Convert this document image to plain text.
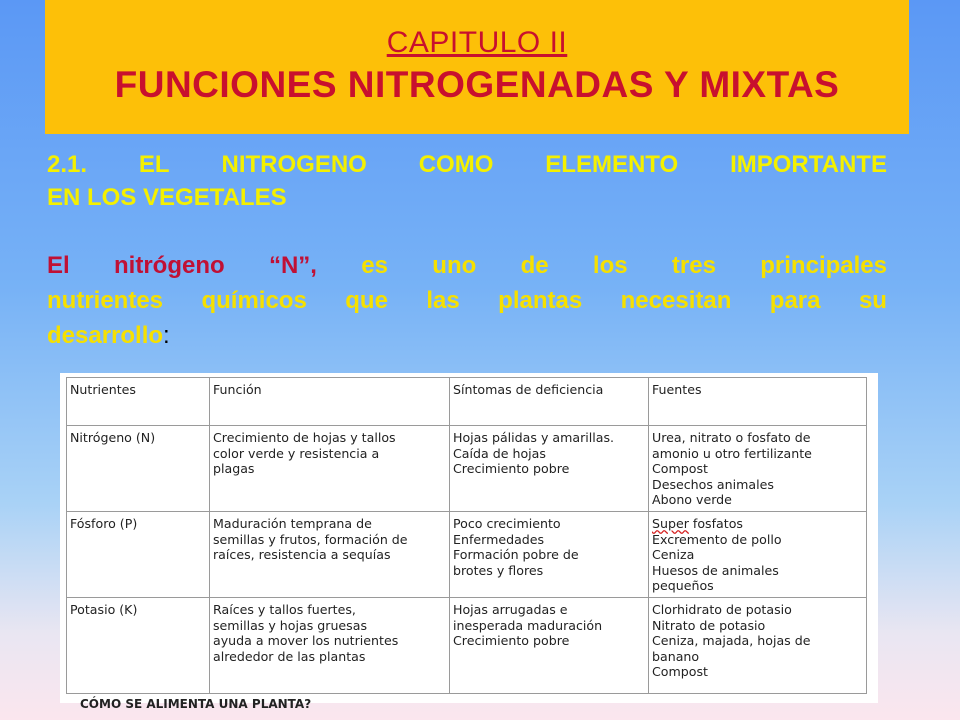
CAPITULO II
FUNCIONES NITROGENADAS Y MIXTAS
2.1. EL NITROGENO COMO ELEMENTO IMPORTANTE
EN LOS VEGETALES
El nitrógeno “N”, es uno de los tres principales
nutrientes químicos que las plantas necesitan para su
desarrollo:
Nutrientes	Función	Síntomas de deficiencia	Fuentes
Nitrógeno (N)	Crecimiento de hojas y tallos
color verde y resistencia a
plagas	Hojas pálidas y amarillas.
Caída de hojas
Crecimiento pobre	Urea, nitrato o fosfato de
amonio u otro fertilizante
Compost
Desechos animales
Abono verde

Fósforo (P)	Maduración temprana de
semillas y frutos, formación de
raíces, resistencia a sequías	Poco crecimiento
Enfermedades
Formación pobre de
brotes y flores	Super fosfatos
Excremento de pollo
Ceniza
Huesos de animales
pequeños

Potasio (K)	Raíces y tallos fuertes,
semillas y hojas gruesas
ayuda a mover los nutrientes
alrededor de las plantas	Hojas arrugadas e
inesperada maduración
Crecimiento pobre	Clorhidrato de potasio
Nitrato de potasio
Ceniza, majada, hojas de
banano
Compost
CÓMO SE ALIMENTA UNA PLANTA?
